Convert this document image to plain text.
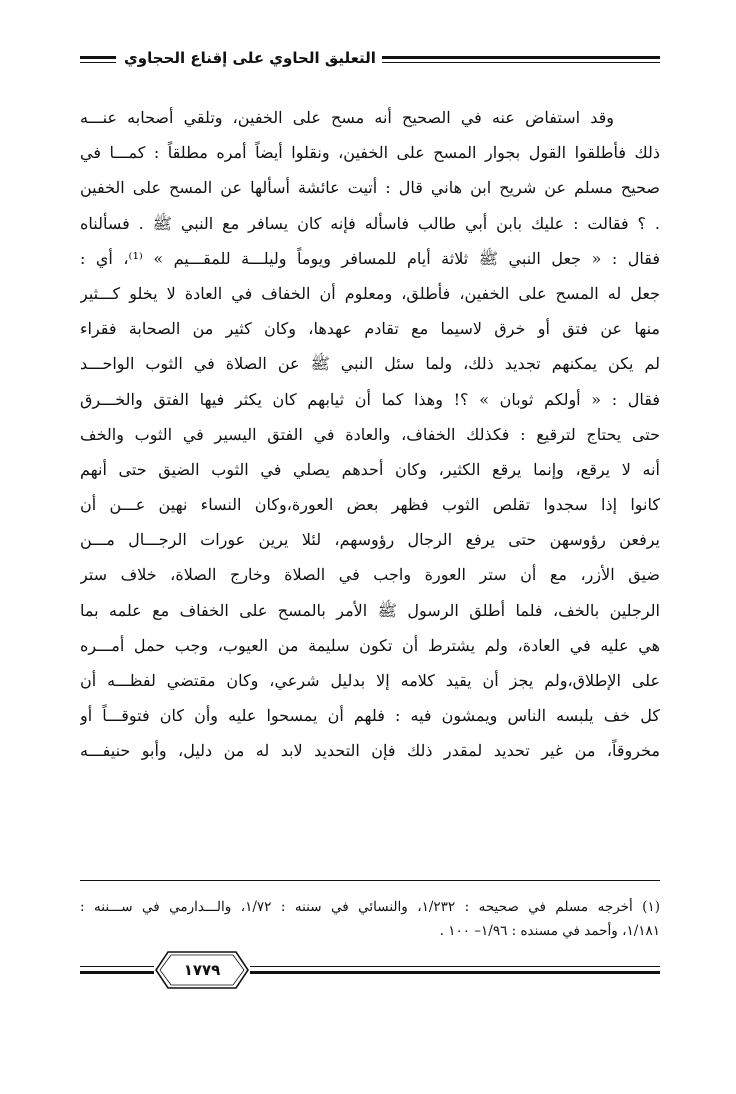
التعليق الحاوي على إقناع الحجاوي
وقد استفاض عنه في الصحيح أنه مسح على الخفين، وتلقي أصحابه عنـــه
ذلك فأطلقوا القول بجوار المسح على الخفين، ونقلوا أيضاً أمره مطلقاً : كمـــا في
صحيح مسلم عن شريح ابن هاني قال : أتيت عائشة أسألها عن المسح على الخفين
. ؟ فقالت : عليك بابن أبي طالب فاسأله فإنه كان يسافر مع النبي ﷺ . فسألناه
فقال : « جعل النبي ﷺ ثلاثة أيام للمسافر ويوماً وليلـــة للمقـــيم » ⁽¹⁾، أي :
جعل له المسح على الخفين، فأطلق، ومعلوم أن الخفاف في العادة لا يخلو كـــثير
منها عن فتق أو خرق لاسيما مع تقادم عهدها، وكان كثير من الصحابة فقراء
لم يكن يمكنهم تجديد ذلك، ولما سئل النبي ﷺ عن الصلاة في الثوب الواحـــد
فقال : « أولكم ثوبان » ؟! وهذا كما أن ثيابهم كان يكثر فيها الفتق والخـــرق
حتى يحتاج لترقيع : فكذلك الخفاف، والعادة في الفتق اليسير في الثوب والخف
أنه لا يرقع، وإنما يرقع الكثير، وكان أحدهم يصلي في الثوب الضيق حتى أنهم
كانوا إذا سجدوا تقلص الثوب فظهر بعض العورة،وكان النساء نهين عـــن أن
يرفعن رؤوسهن حتى يرفع الرجال رؤوسهم، لئلا يرين عورات الرجـــال مـــن
ضيق الأزر، مع أن ستر العورة واجب في الصلاة وخارج الصلاة، خلاف ستر
الرجلين بالخف، فلما أطلق الرسول ﷺ الأمر بالمسح على الخفاف مع علمه بما
هي عليه في العادة، ولم يشترط أن تكون سليمة من العيوب، وجب حمل أمـــره
على الإطلاق،ولم يجز أن يقيد كلامه إلا بدليل شرعي، وكان مقتضي لفظـــه أن
كل خف يلبسه الناس ويمشون فيه : فلهم أن يمسحوا عليه وأن كان فتوقـــاً أو
مخروقاً، من غير تحديد لمقدر ذلك فإن التحديد لابد له من دليل، وأبو حنيفـــه
(١) أخرجه مسلم في صحيحه : ١/٢٣٢، والنسائي في سننه : ١/٧٢، والـــدارمي في ســـننه :
١/١٨١، وأحمد في مسنده : ١/٩٦– ١٠٠ .
١٧٧٩
